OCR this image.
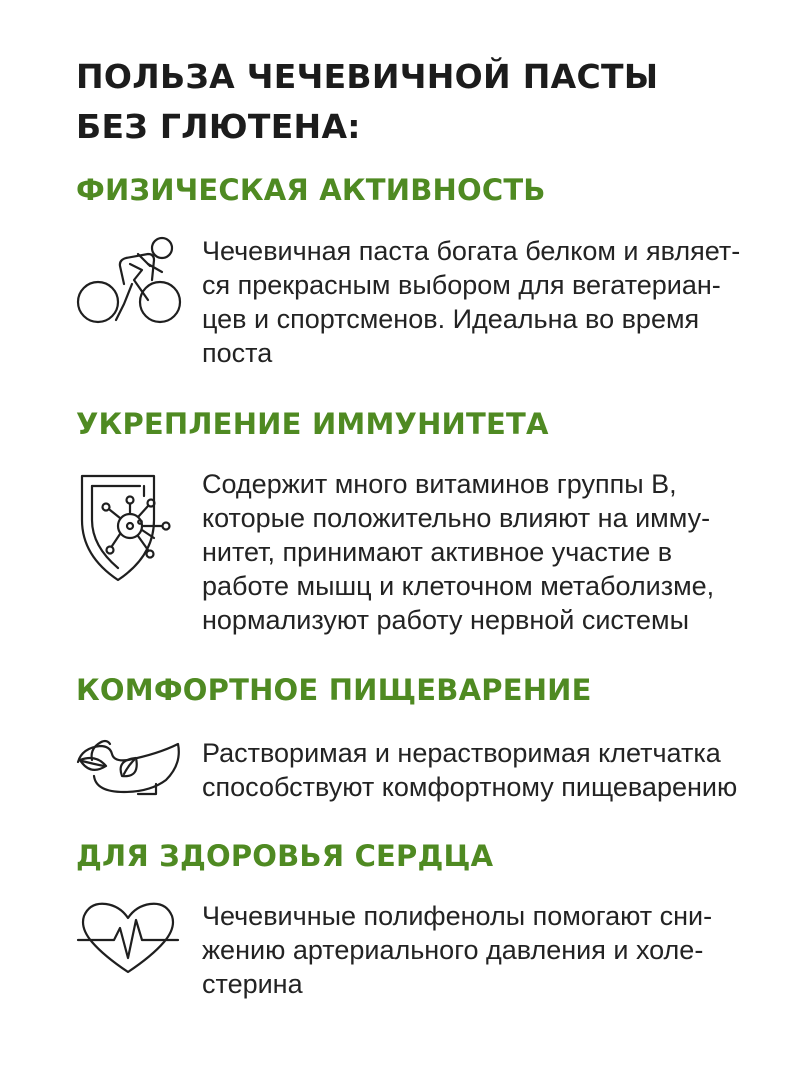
ПОЛЬЗА ЧЕЧЕВИЧНОЙ ПАСТЫ
БЕЗ ГЛЮТЕНА:
ФИЗИЧЕСКАЯ АКТИВНОСТЬ

Чечевичная паста богата белком и являет-
ся прекрасным выбором для вегатериан-
цев и спортсменов. Идеальна во время
поста

УКРЕПЛЕНИЕ ИММУНИТЕТА

Содержит много витаминов группы В,
которые положительно влияют на имму-
нитет, принимают активное участие в
работе мышц и клеточном метаболизме,
нормализуют работу нервной системы

КОМФОРТНОЕ ПИЩЕВАРЕНИЕ

Растворимая и нерастворимая клетчатка
способствуют комфортному пищеварению

ДЛЯ ЗДОРОВЬЯ СЕРДЦА

Чечевичные полифенолы помогают сни-
жению артериального давления и холе-
стерина
